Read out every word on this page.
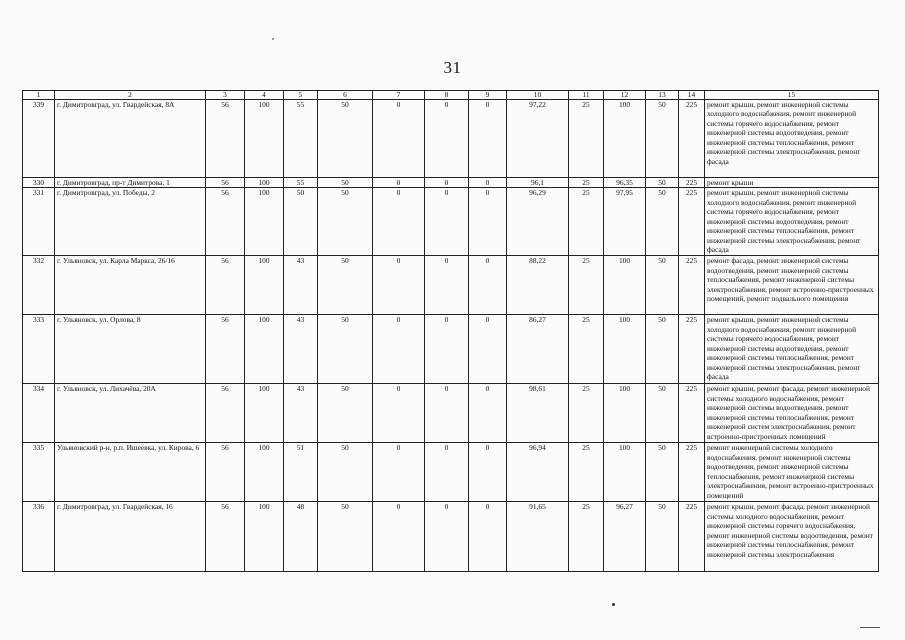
31
1	2	3	4	5	6	7	8	9	10	11	12	13	14	15
339	г. Димитровград, ул. Гвардейская, 8А	56	100	55	50	0	0	0	97,22	25	100	50	225	ремонт крыши, ремонт инженерной системы холодного водоснабжения, ремонт инженерной системы горячего водоснабжения, ремонт инженерной системы водоотведения, ремонт инженерной системы теплоснабжения, ремонт инженерной системы электроснабжения, ремонт фасада
330	г. Димитровград, пр-т Димитрова, 1	56	100	55	50	0	0	0	96,1	25	96,35	50	225	ремонт крыши
331	г. Димитровград, ул. Победы, 2	56	100	50	50	0	0	0	96,29	25	97,95	50	225	ремонт крыши, ремонт инженерной системы холодного водоснабжения, ремонт инженерной системы горячего водоснабжения, ремонт инженерной системы водоотведения, ремонт инженерной системы теплоснабжения, ремонт инженерной системы электроснабжения, ремонт фасада
332	г. Ульяновск, ул. Карла Маркса, 26/16	56	100	43	50	0	0	0	88,22	25	100	50	225	ремонт фасада, ремонт инженерной системы водоотведения, ремонт инженерной системы теплоснабжения, ремонт инженерной системы электроснабжения, ремонт встроенно-пристроенных помещений, ремонт подвального помещения
333	г. Ульяновск, ул. Орлова, 8	56	100	43	50	0	0	0	86,27	25	100	50	225	ремонт крыши, ремонт инженерной системы холодного водоснабжения, ремонт инженерной системы горячего водоснабжения, ремонт инженерной системы водоотведения, ремонт инженерной системы теплоснабжения, ремонт инженерной системы электроснабжения, ремонт фасада
334	г. Ульяновск, ул. Лихачёва, 20А	56	100	43	50	0	0	0	98,61	25	100	50	225	ремонт крыши, ремонт фасада, ремонт инженерной системы холодного водоснабжения, ремонт инженерной системы водоотведения, ремонт инженерной системы теплоснабжения, ремонт инженерной систем электроснабжения, ремонт встроенно-пристроенных помещений
335	Ульяновский р-н, р.п. Ишеевка, ул. Кирова, 6	56	100	51	50	0	0	0	96,94	25	100	50	225	ремонт инженерной системы холодного водоснабжения, ремонт инженерной системы водоотведения, ремонт инженерной системы теплоснабжения, ремонт инженерной системы электроснабжения, ремонт встроенно-пристроенных помещений
336	г. Димитровград, ул. Гвардейская, 16	56	100	48	50	0	0	0	91,65	25	96,27	50	225	ремонт крыши, ремонт фасада, ремонт инженерной системы холодного водоснабжения, ремонт инженерной системы горячего водоснабжения, ремонт инженерной системы водоотведения, ремонт инженерной системы теплоснабжения, ремонт инженерной системы электроснабжения
